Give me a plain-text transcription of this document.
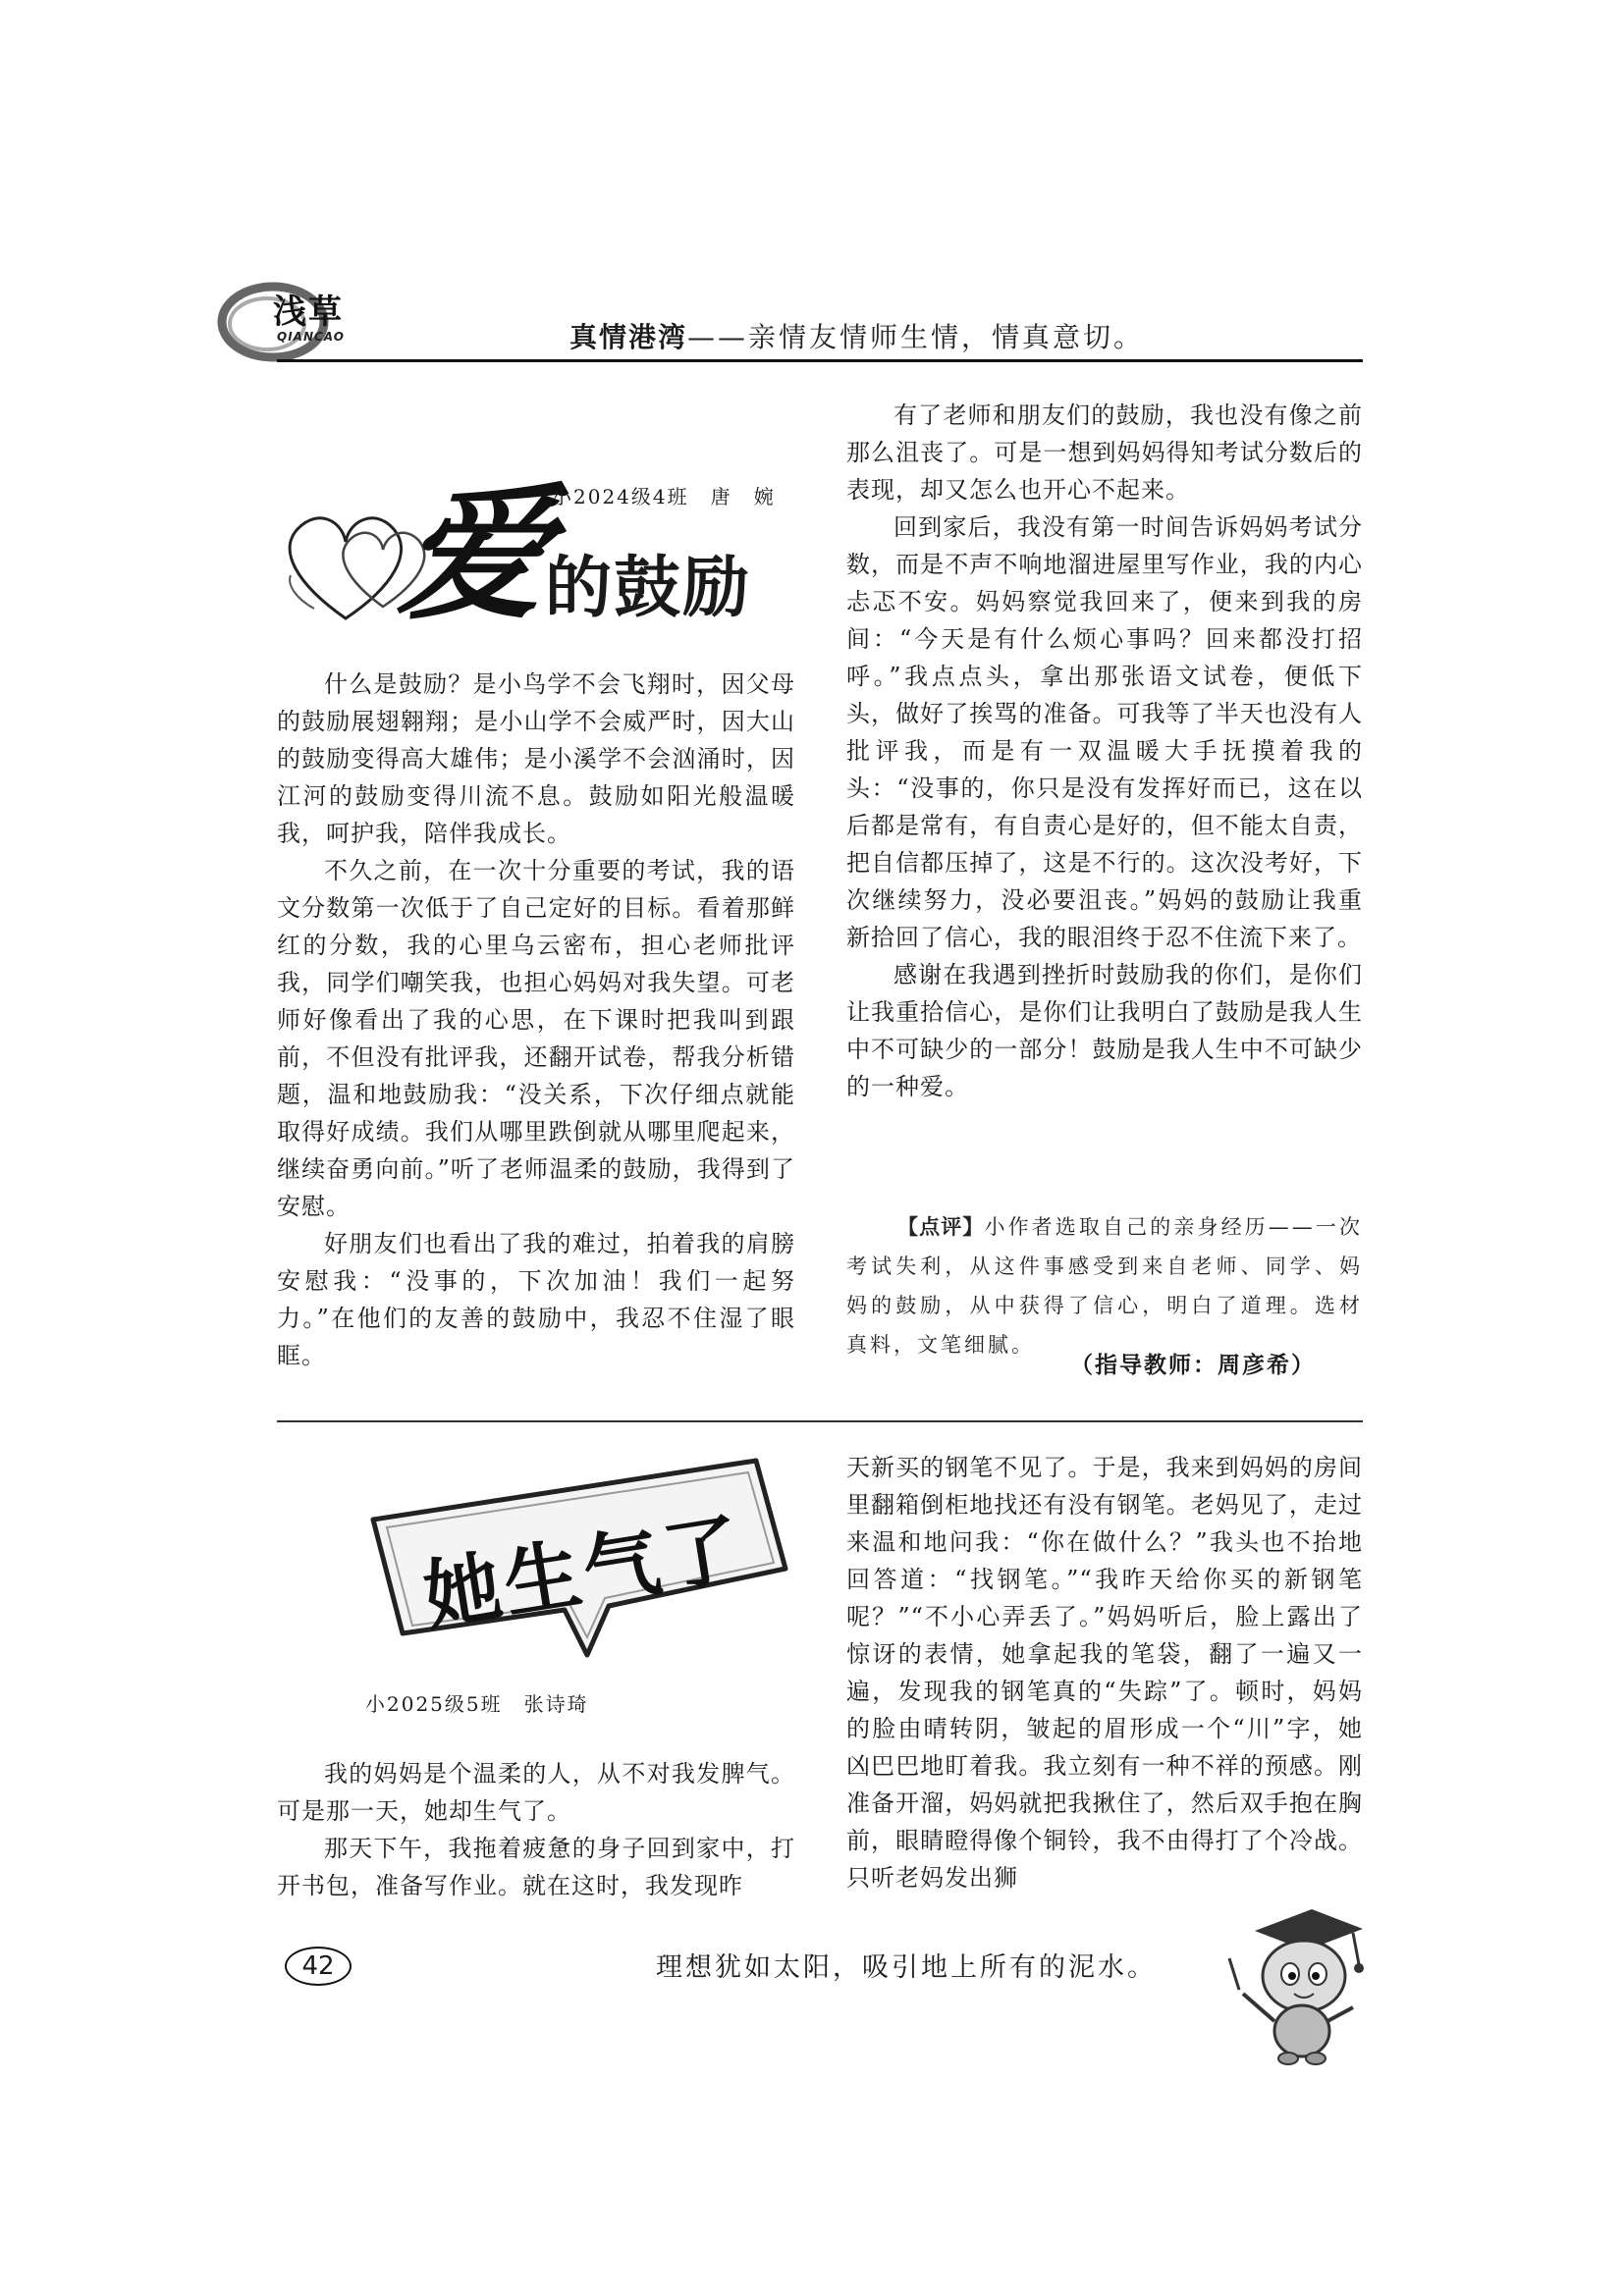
浅草
QIANCAO	真情港湾——亲情友情师生情，情真意切。
爱
的鼓励
小2024级4班　唐　婉

什么是鼓励？是小鸟学不会飞翔时，因父母的鼓励展翅翱翔；是小山学不会威严时，因大山的鼓励变得高大雄伟；是小溪学不会汹涌时，因江河的鼓励变得川流不息。鼓励如阳光般温暖我，呵护我，陪伴我成长。

不久之前，在一次十分重要的考试，我的语文分数第一次低于了自己定好的目标。看着那鲜红的分数，我的心里乌云密布，担心老师批评我，同学们嘲笑我，也担心妈妈对我失望。可老师好像看出了我的心思，在下课时把我叫到跟前，不但没有批评我，还翻开试卷，帮我分析错题，温和地鼓励我：“没关系，下次仔细点就能取得好成绩。我们从哪里跌倒就从哪里爬起来，继续奋勇向前。”听了老师温柔的鼓励，我得到了安慰。

好朋友们也看出了我的难过，拍着我的肩膀安慰我：“没事的，下次加油！我们一起努力。”在他们的友善的鼓励中，我忍不住湿了眼眶。

有了老师和朋友们的鼓励，我也没有像之前那么沮丧了。可是一想到妈妈得知考试分数后的表现，却又怎么也开心不起来。

回到家后，我没有第一时间告诉妈妈考试分数，而是不声不响地溜进屋里写作业，我的内心忐忑不安。妈妈察觉我回来了，便来到我的房间：“今天是有什么烦心事吗？回来都没打招呼。”我点点头，拿出那张语文试卷，便低下头，做好了挨骂的准备。可我等了半天也没有人批评我，而是有一双温暖大手抚摸着我的头：“没事的，你只是没有发挥好而已，这在以后都是常有，有自责心是好的，但不能太自责，把自信都压掉了，这是不行的。这次没考好，下次继续努力，没必要沮丧。”妈妈的鼓励让我重新拾回了信心，我的眼泪终于忍不住流下来了。

感谢在我遇到挫折时鼓励我的你们，是你们让我重拾信心，是你们让我明白了鼓励是我人生中不可缺少的一部分！鼓励是我人生中不可缺少的一种爱。

【点评】小作者选取自己的亲身经历——一次考试失利，从这件事感受到来自老师、同学、妈妈的鼓励，从中获得了信心，明白了道理。选材真料，文笔细腻。
（指导教师：周彦希）
她生气了
小2025级5班　张诗琦

我的妈妈是个温柔的人，从不对我发脾气。可是那一天，她却生气了。

那天下午，我拖着疲惫的身子回到家中，打开书包，准备写作业。就在这时，我发现昨

天新买的钢笔不见了。于是，我来到妈妈的房间里翻箱倒柜地找还有没有钢笔。老妈见了，走过来温和地问我：“你在做什么？”我头也不抬地回答道：“找钢笔。”“我昨天给你买的新钢笔呢？”“不小心弄丢了。”妈妈听后，脸上露出了惊讶的表情，她拿起我的笔袋，翻了一遍又一遍，发现我的钢笔真的“失踪”了。顿时，妈妈的脸由晴转阴，皱起的眉形成一个“川”字，她凶巴巴地盯着我。我立刻有一种不祥的预感。刚准备开溜，妈妈就把我揪住了，然后双手抱在胸前，眼睛瞪得像个铜铃，我不由得打了个冷战。只听老妈发出狮

42	理想犹如太阳，吸引地上所有的泥水。
